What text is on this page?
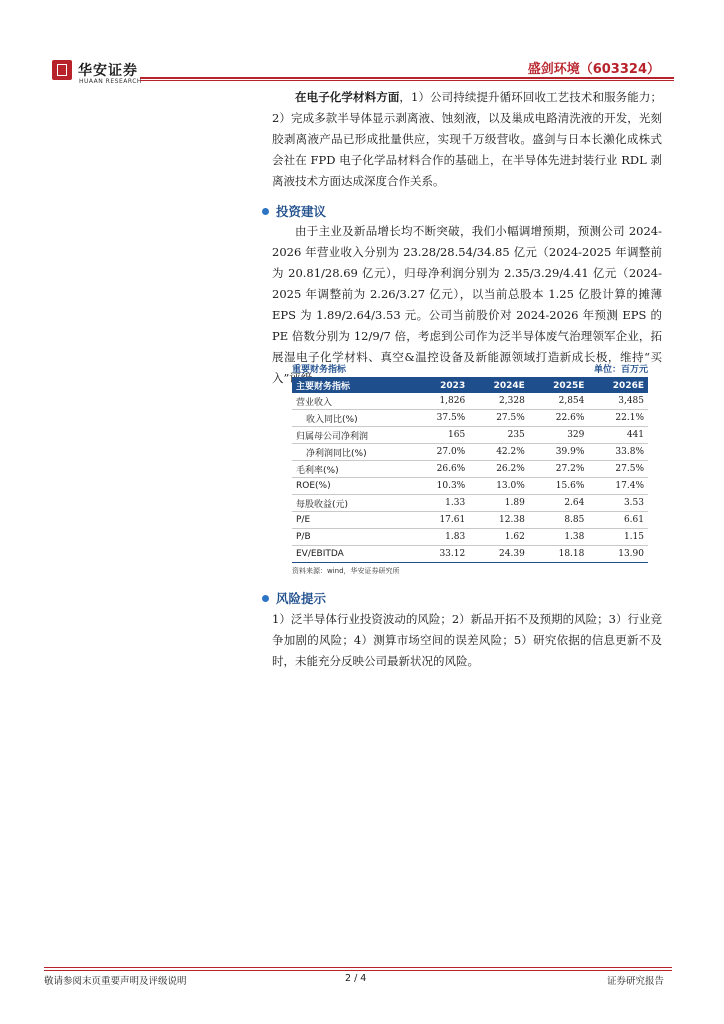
华安证券
HUAAN RESEARCH
盛剑环境（603324）
在电子化学材料方面，1）公司持续提升循环回收工艺技术和服务能力；2）完成多款半导体显示剥离液、蚀刻液，以及巢成电路清洗液的开发，光刻胶剥离液产品已形成批量供应，实现千万级营收。盛剑与日本长濑化成株式会社在 FPD 电子化学品材料合作的基础上，在半导体先进封装行业 RDL 剥离液技术方面达成深度合作关系。
投资建议
由于主业及新品增长均不断突破，我们小幅调增预期，预测公司 2024-2026 年营业收入分别为 23.28/28.54/34.85 亿元（2024-2025 年调整前为 20.81/28.69 亿元），归母净利润分别为 2.35/3.29/4.41 亿元（2024-2025 年调整前为 2.26/3.27 亿元），以当前总股本 1.25 亿股计算的摊薄 EPS 为 1.89/2.64/3.53 元。公司当前股价对 2024-2026 年预测 EPS 的 PE 倍数分别为 12/9/7 倍，考虑到公司作为泛半导体废气治理领军企业，拓展湿电子化学材料、真空&温控设备及新能源领域打造新成长极，维持“买入”评级。
重要财务指标	单位：百万元
主要财务指标	2023	2024E	2025E	2026E
营业收入	1,826	2,328	2,854	3,485
收入同比(%)	37.5%	27.5%	22.6%	22.1%
归属母公司净利润	165	235	329	441
净利润同比(%)	27.0%	42.2%	39.9%	33.8%
毛利率(%)	26.6%	26.2%	27.2%	27.5%
ROE(%)	10.3%	13.0%	15.6%	17.4%
每股收益(元)	1.33	1.89	2.64	3.53
P/E	17.61	12.38	8.85	6.61
P/B	1.83	1.62	1.38	1.15
EV/EBITDA	33.12	24.39	18.18	13.90
资料来源：wind，华安证券研究所
风险提示
1）泛半导体行业投资波动的风险；2）新品开拓不及预期的风险；3）行业竞争加剧的风险；4）测算市场空间的误差风险；5）研究依据的信息更新不及时，未能充分反映公司最新状况的风险。
敬请参阅末页重要声明及评级说明	2 / 4	证券研究报告
